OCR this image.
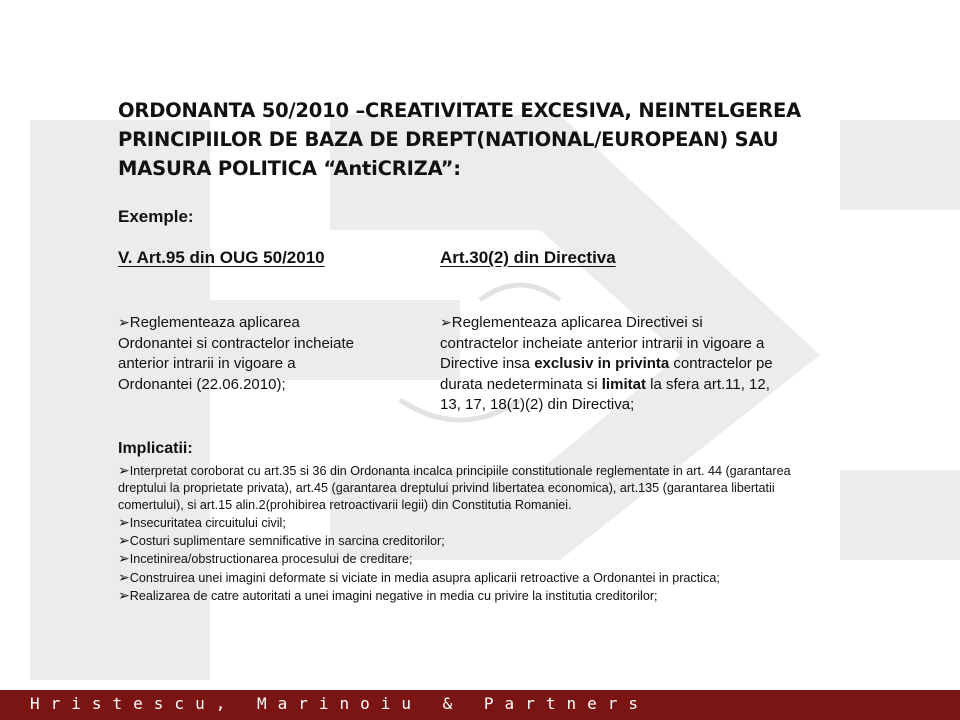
ORDONANTA 50/2010 –CREATIVITATE EXCESIVA, NEINTELGEREA PRINCIPIILOR DE BAZA DE DREPT(NATIONAL/EUROPEAN) SAU MASURA POLITICA “AntiCRIZA”:
Exemple:
V. Art.95 din OUG 50/2010	Art.30(2) din Directiva
➢Reglementeaza aplicarea Ordonantei si contractelor incheiate anterior intrarii in vigoare a Ordonantei (22.06.2010);
➢Reglementeaza aplicarea Directivei si contractelor incheiate anterior intrarii in vigoare a Directive insa exclusiv in privinta contractelor pe durata nedeterminata si limitat la sfera art.11, 12, 13, 17, 18(1)(2) din Directiva;
Implicatii:
➢Interpretat coroborat cu art.35 si 36 din Ordonanta incalca principiile constitutionale reglementate in art. 44 (garantarea dreptului la proprietate privata), art.45 (garantarea dreptului privind libertatea economica), art.135 (garantarea libertatii comertului), si art.15 alin.2(prohibirea retroactivarii legii) din Constitutia Romaniei.
➢Insecuritatea circuitului civil;
➢Costuri suplimentare semnificative in sarcina creditorilor;
➢Incetinirea/obstructionarea procesului de creditare;
➢Construirea unei imagini deformate si viciate in media asupra aplicarii retroactive a Ordonantei in practica;
➢Realizarea de catre autoritati a unei imagini negative in media cu privire la institutia creditorilor;
Hristescu, Marinoiu & Partners
